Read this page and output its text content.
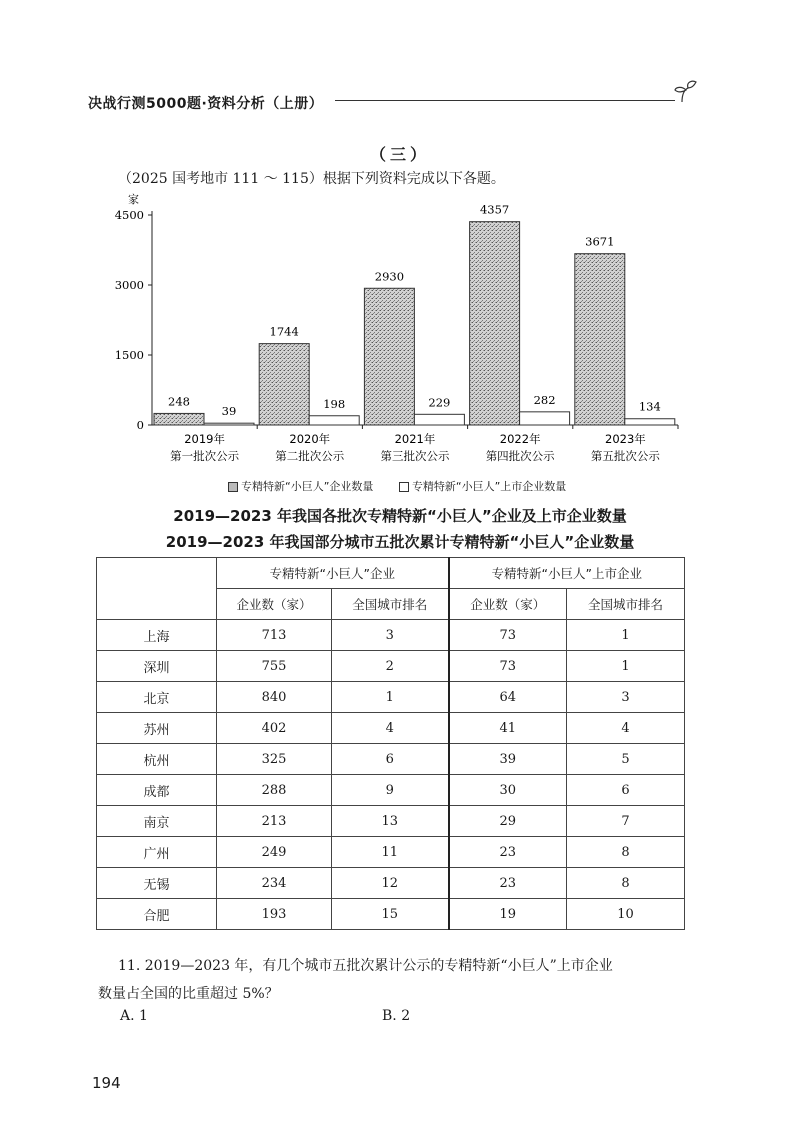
决战行测5000题·资料分析（上册）
（三）
（2025 国考地市 111 ～ 115）根据下列资料完成以下各题。
家
0
1500
3000
4500
2019年
第一批次公示
248
39
2020年
第二批次公示
1744
198
2021年
第三批次公示
2930
229
2022年
第四批次公示
4357
282
2023年
第五批次公示
3671
134
专精特新“小巨人”企业数量	专精特新“小巨人”上市企业数量
2019—2023 年我国各批次专精特新“小巨人”企业及上市企业数量
2019—2023 年我国部分城市五批次累计专精特新“小巨人”企业数量
	专精特新“小巨人”企业		专精特新“小巨人”上市企业	
	企业数（家）	全国城市排名	企业数（家）	全国城市排名
上海	713	3	73	1
深圳	755	2	73	1
北京	840	1	64	3
苏州	402	4	41	4
杭州	325	6	39	5
成都	288	9	30	6
南京	213	13	29	7
广州	249	11	23	8
无锡	234	12	23	8
合肥	193	15	19	10
11. 2019—2023 年，有几个城市五批次累计公示的专精特新“小巨人”上市企业
数量占全国的比重超过 5%？
A. 1	B. 2
194
